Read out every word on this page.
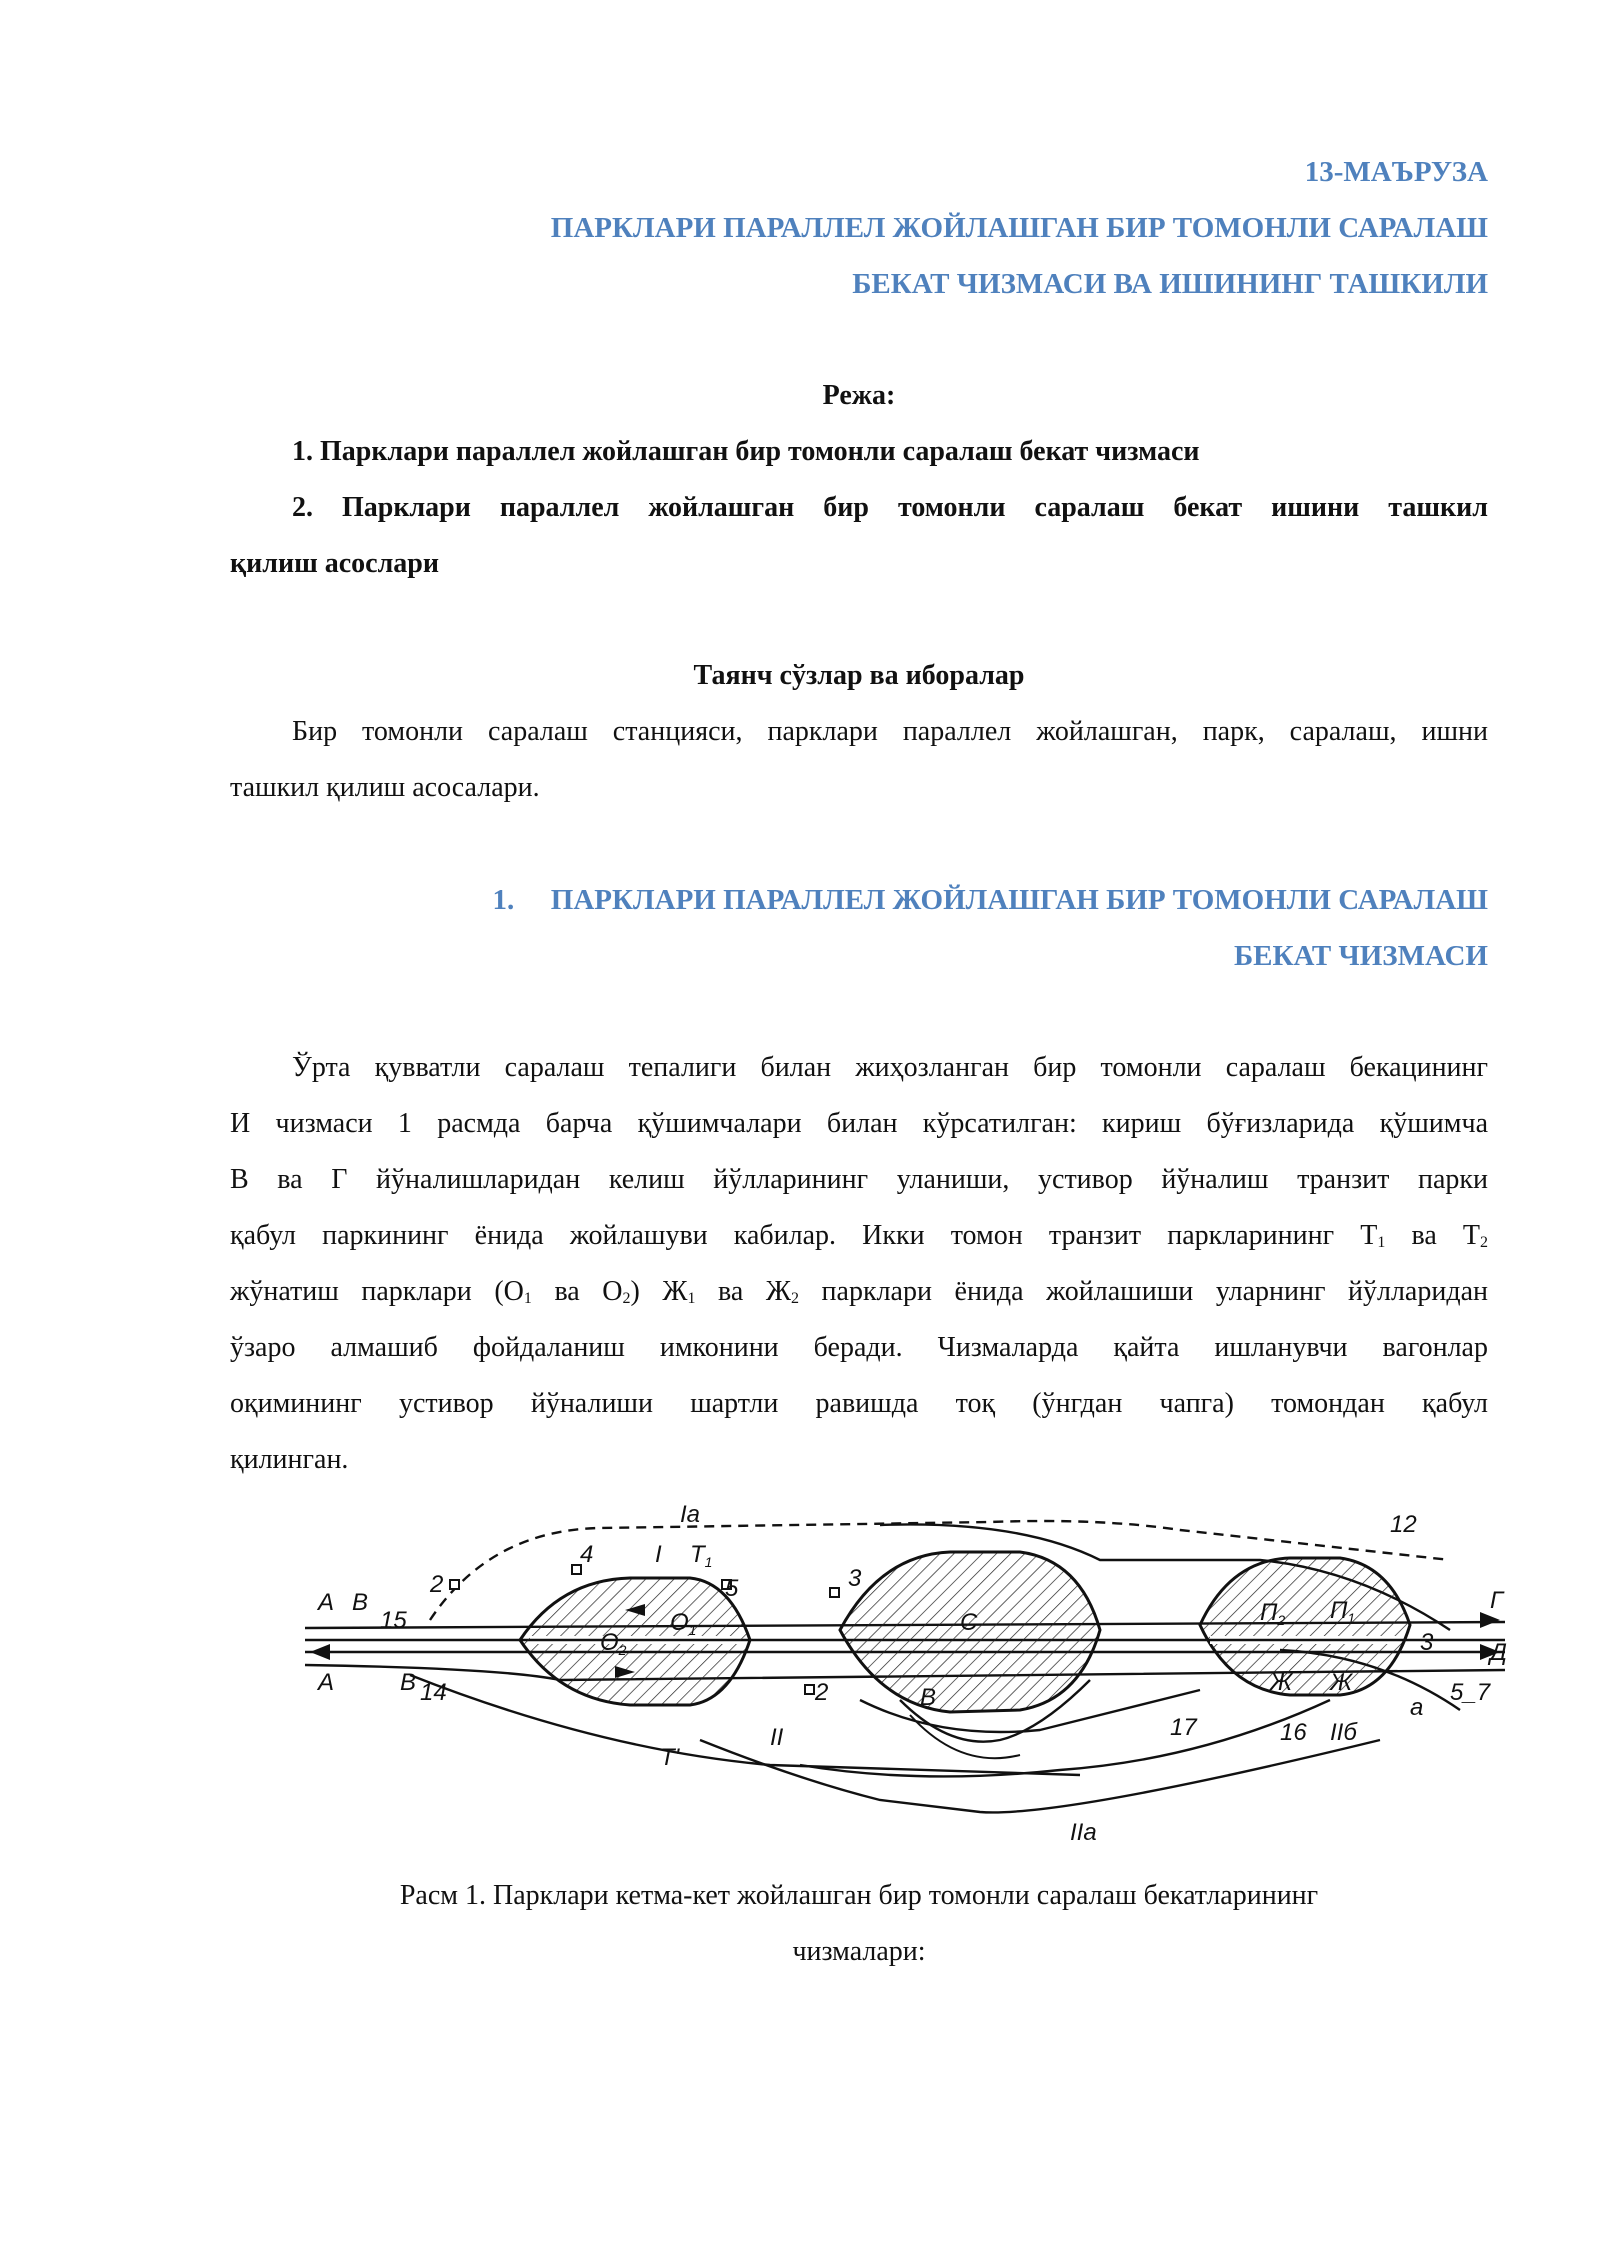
13-МАЪРУЗА
ПАРКЛАРИ ПАРАЛЛЕЛ ЖОЙЛАШГАН БИР ТОМОНЛИ САРАЛАШ
БЕКАТ ЧИЗМАСИ ВА ИШИНИНГ ТАШКИЛИ
Режа:
1. Парклари параллел жойлашган бир томонли саралаш бекат чизмаси
2. Парклари параллел жойлашган бир томонли саралаш бекат ишини ташкил
қилиш асослари
Таянч сўзлар ва иборалар
Бир томонли саралаш станцияси, парклари параллел жойлашган, парк, саралаш, ишни
ташкил қилиш асосалари.
1. ПАРКЛАРИ ПАРАЛЛЕЛ ЖОЙЛАШГАН БИР ТОМОНЛИ САРАЛАШ
БЕКАТ ЧИЗМАСИ
Ўрта қувватли саралаш тепалиги билан жиҳозланган бир томонли саралаш бекацининг
И чизмаси 1 расмда барча қўшимчалари билан кўрсатилган: кириш бўғизларида қўшимча
В ва Г йўналишларидан келиш йўлларининг уланиши, устивор йўналиш транзит парки
қабул паркининг ёнида жойлашуви кабилар. Икки томон транзит паркларининг $Т_1$ ва $Т_2$
жўнатиш парклари ($О_1$ ва $О_2$) $Ж_1$ ва $Ж_2$ парклари ёнида жойлашиши уларнинг йўлларидан
ўзаро алмашиб фойдаланиш имконини беради. Чизмаларда қайта ишланувчи вагонлар
оқимининг устивор йўналиши шартли равишда тоқ (ўнгдан чапга) томондан қабул
қилинган.
А В
А	В
Іа
4	І $Т_1$
2	5	3
2
15
14
$О_2$
$О_1$	С
В
$П_2$ $П_1$
12
Г
Д
3
5_7
а
16
17
ІІ	ІІб
ІІа
Т'
Ж Ж
Расм 1. Парклари кетма-кет жойлашган бир томонли саралаш бекатларининг
чизмалари:
